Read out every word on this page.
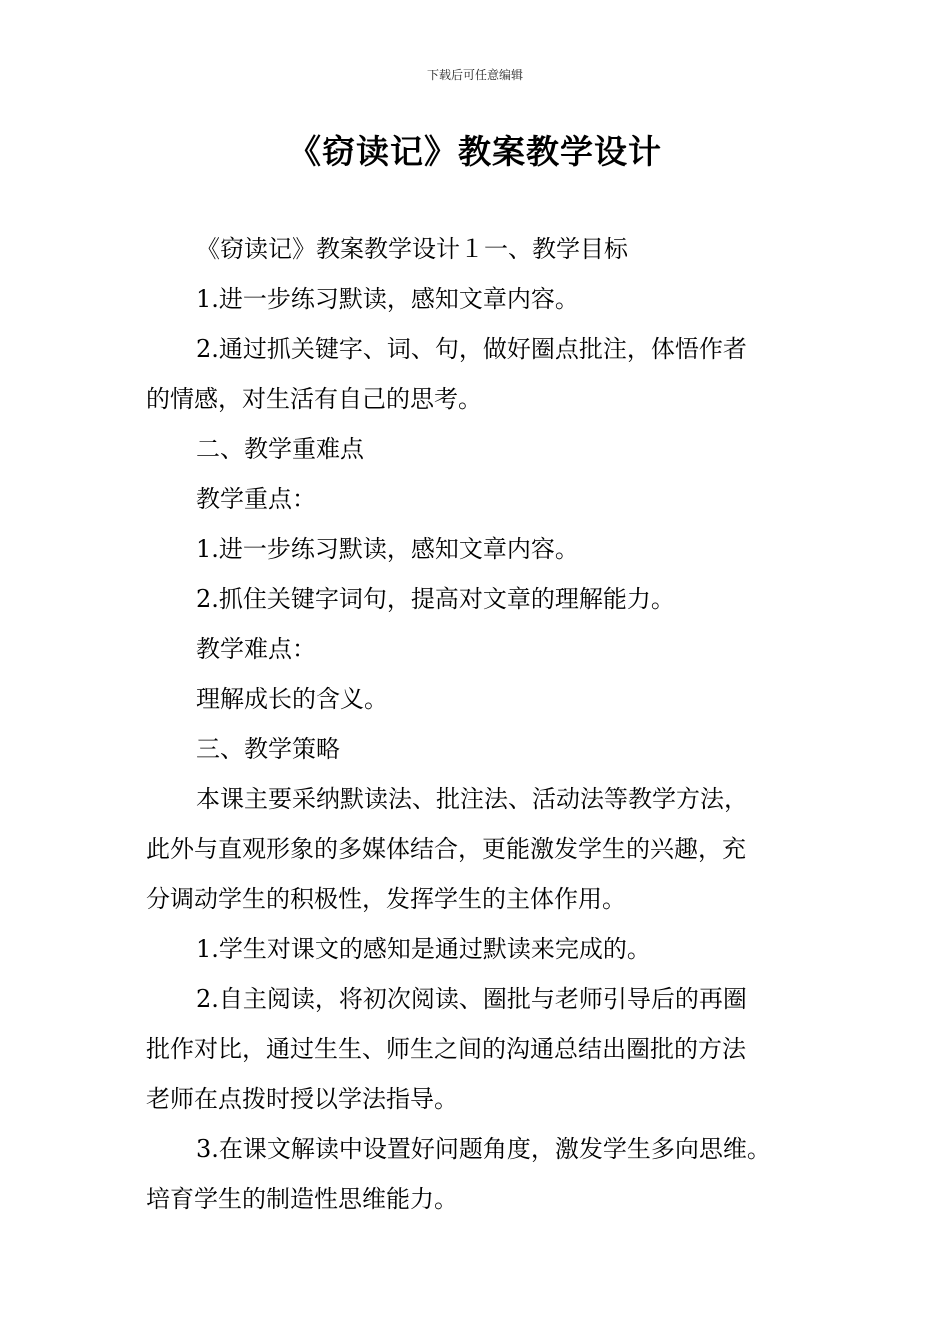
下载后可任意编辑
《窃读记》教案教学设计

《窃读记》教案教学设计１一、教学目标

1.进一步练习默读，感知文章内容。

2.通过抓关键字、词、句，做好圈点批注，体悟作者

的情感，对生活有自己的思考。

二、教学重难点

教学重点：

1.进一步练习默读，感知文章内容。

2.抓住关键字词句，提高对文章的理解能力。

教学难点：

理解成长的含义。

三、教学策略

本课主要采纳默读法、批注法、活动法等教学方法，

此外与直观形象的多媒体结合，更能激发学生的兴趣，充

分调动学生的积极性，发挥学生的主体作用。

1.学生对课文的感知是通过默读来完成的。

2.自主阅读，将初次阅读、圈批与老师引导后的再圈

批作对比，通过生生、师生之间的沟通总结出圈批的方法

老师在点拨时授以学法指导。

3.在课文解读中设置好问题角度，激发学生多向思维。

培育学生的制造性思维能力。
